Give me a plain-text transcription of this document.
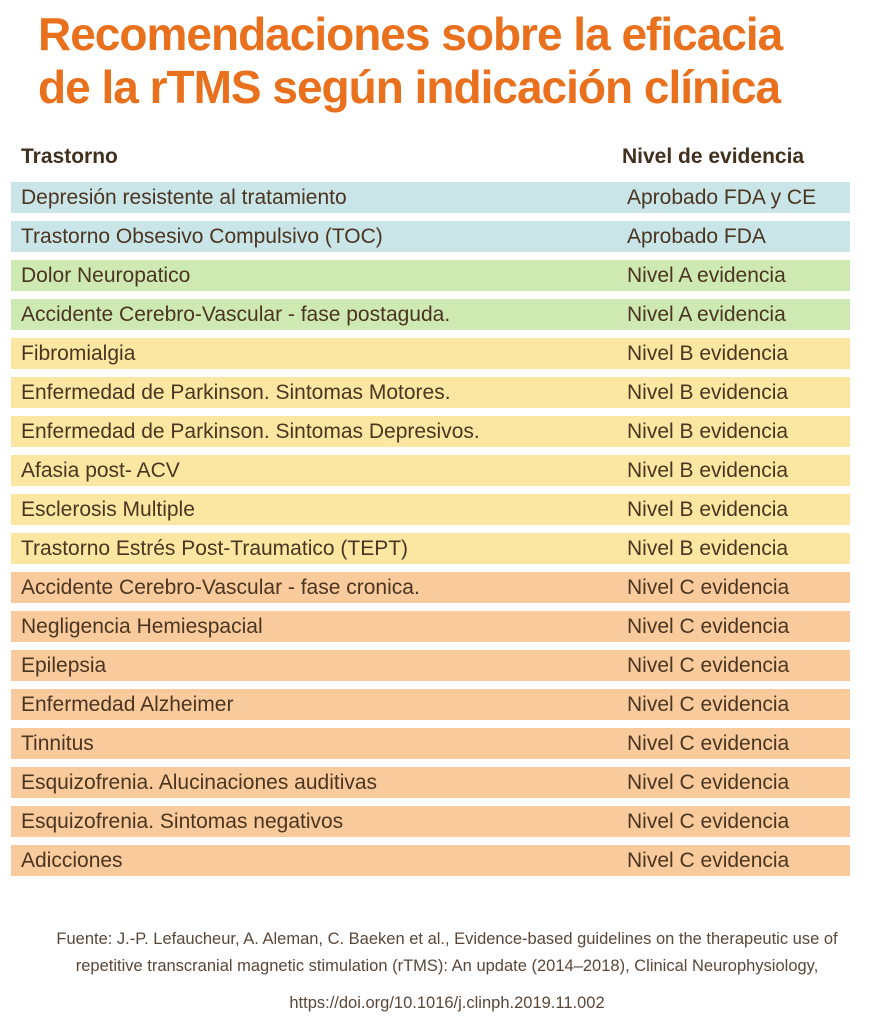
Recomendaciones sobre la eficacia
de la rTMS según indicación clínica
Trastorno	Nivel de evidencia
Depresión resistente al tratamiento	Aprobado FDA y CE
Trastorno Obsesivo Compulsivo (TOC)	Aprobado FDA
Dolor Neuropatico	Nivel A evidencia
Accidente Cerebro-Vascular - fase postaguda.	Nivel A evidencia
Fibromialgia	Nivel B evidencia
Enfermedad de Parkinson. Sintomas Motores.	Nivel B evidencia
Enfermedad de Parkinson. Sintomas Depresivos.	Nivel B evidencia
Afasia post- ACV	Nivel B evidencia
Esclerosis Multiple	Nivel B evidencia
Trastorno Estrés Post-Traumatico (TEPT)	Nivel B evidencia
Accidente Cerebro-Vascular - fase cronica.	Nivel C evidencia
Negligencia Hemiespacial	Nivel C evidencia
Epilepsia	Nivel C evidencia
Enfermedad Alzheimer	Nivel C evidencia
Tinnitus	Nivel C evidencia
Esquizofrenia. Alucinaciones auditivas	Nivel C evidencia
Esquizofrenia. Sintomas negativos	Nivel C evidencia
Adicciones	Nivel C evidencia
Fuente: J.-P. Lefaucheur, A. Aleman, C. Baeken et al., Evidence-based guidelines on the therapeutic use of
repetitive transcranial magnetic stimulation (rTMS): An update (2014–2018), Clinical Neurophysiology,
https://doi.org/10.1016/j.clinph.2019.11.002
